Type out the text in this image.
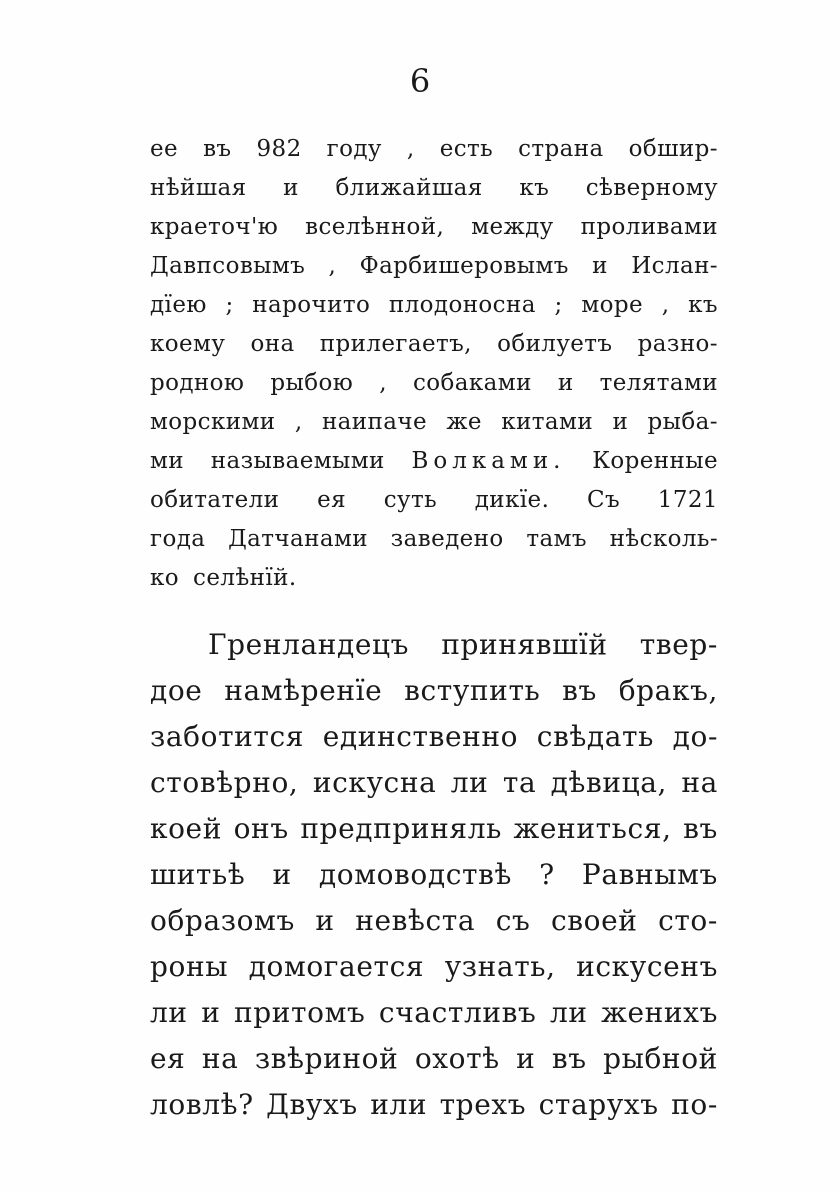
6
ее въ 982 году , есть страна обшир-
нѣйшая и ближайшая къ сѣверному
краеточ'ю вселѣнной, между проливами
Давпсовымъ , Фарбишеровымъ и Ислан-
дїею ; нарочито плодоносна ; море , къ
коему она прилегаетъ, обилуетъ разно-
родною рыбою , собаками и телятами
морскими , наипаче же китами и рыба-
ми называемыми Волками. Коренные
обитатели ея суть дикїе. Съ 1721
года Датчанами заведено тамъ нѣсколь-
ко селѣнїй.
Гренландецъ принявшїй твер-
дое намѣренїе вступить въ бракъ,
заботится единственно свѣдать до-
стовѣрно, искусна ли та дѣвица, на
коей онъ предприняль жениться, въ
шитьѣ и домоводствѣ ? Равнымъ
образомъ и невѣста съ своей сто-
роны домогается узнать, искусенъ
ли и притомъ счастливъ ли женихъ
ея на звѣриной охотѣ и въ рыбной
ловлѣ? Двухъ или трехъ старухъ по-
